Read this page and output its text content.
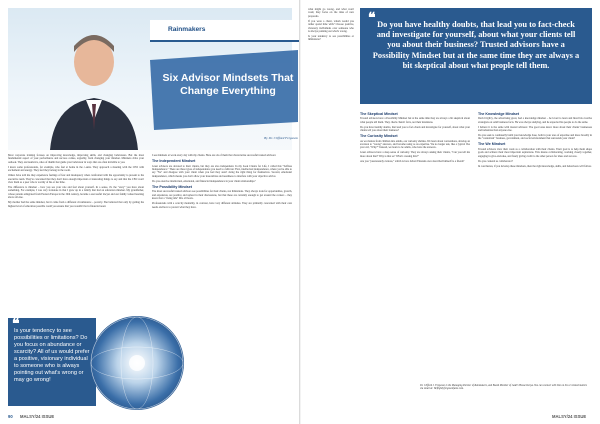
Rainmakers
Six Advisor Mindsets That Change Everything
By Dr. Clifford Ferguson

Most corporate training focuses on improving knowledge, improving skills, and changing behaviours. But the most fundamental aspect of your performance and success comes, arguably, from changing your mindset. Mindsets drive your outlook. They are heuristics, rules of thumb that guide your behaviour in ways that are often invisible to you.

I know some professionals, for example, who feel at home in the c-suite. They approach a meeting with the CEO with excitement and energy. They feel they belong in the room.

Others have told me they experience feelings of fear and inadequacy when confronted with the opportunity to present to the executive team. They're concerned that they don't have enough important or interesting things to say and that the CEO won't view them as a peer who is worthy of his or her time.

The difference is mindset – how you see your role and feel about yourself. In a sense, it's the "story" you have about something. For example, I was very fortunate in that I grew up in a family that had an education mindset. My grandfather, whose parents emigrated from Eastern Europe in the 19th century, became a successful lawyer and our family valued learning above all else.

My mother had the same mindset, but it came from a different circumstance – poverty. She believed that only by getting the highest level of education possible could you ensure that you wouldn't be in financial need.

I see mindsets at work every day with my clients. Here are six of them that characterize successful trusted advisors:

The Independent Mindset

Great advisors are devoted to their clients, but they are also independent. In my book Clients for Life, I called this "Selfless Independence." There are three types of independence you need to cultivate: First, intellectual independence, where you're able to say "No" and disagree with your client when you feel they aren't doing the right thing for themselves. Second, emotional independence, which means you don't allow your insecurities and neediness to interfere with your objective advice.

Do you exercise intellectual, emotional, and financial independence in your client relationships?

The Possibility Mindset

The most successful trusted advisors see possibilities for their clients, not limitations. They always look for opportunities, growth, and expansion, are positive and upbeat in their discussions, but that these are certainly enough to get around the corners – they know that a "rising tide" lifts all boats.

Professionals with a scarcity mentality, in contrast, have very different attitudes. They are primarily concerned with their own needs and how to protect what they have.

❝
Is your tendency to see possibilities or limitations? Do you focus on abundance or scarcity? All of us would prefer a positive, visionary individual to someone who is always pointing out what's wrong or may go wrong!
90 MALSY/24 ISSUE

what might go wrong, and what won't work; they focus on the risks of new proposals.

If you were a client, whom would you rather spend time with? Choose positive, visionary individuals over someone who is always pointing out what's wrong.

Is your tendency to see possibilities or limitations?

The Skeptical Mindset

Trusted advisors have a Possibility Mindset but at the same time they are always a bit skeptical about what people tell them. They check clients' facts, not their intentions.

Do you have healthy doubts, that lead you to fact-check and investigate for yourself, about what your clients tell you about their business?

The Curiosity Mindset

As we mature from children into adults, our curiosity shrinks. We learn about conventions, develop an aversion to "wrong" answers, and become using as an expertise. We no longer ask, like a typical five year old, "Why?" Instead, we learn to be adults, who have the answers.

Great advisors have a deep sense of curiosity. They are always asking their clients, "Can you tell me more about that? Why is that so? What's causing this?"

Are you "passionately curious," which is how Albert Einstein once described himself to a friend?

❝ Do you have healthy doubts, that lead you to fact-check and investigate for yourself, about what your clients tell you about their business? Trusted advisors have a Possibility Mindset but at the same time they are always a bit skeptical about what people tell them.
The Knowledge Mindset

David Ogilvy, the advertising great, had a knowledge mindset – he loved to learn and hired his creative strategists on solid business facts. He was always studying, and he expected his people to do the same.

I believe it is the same with trusted advisors: The good ones know more about their clients' businesses and industries than anyone else.

Do you seek to continually build your knowledge base, both in your area of expertise and more broadly in the "contextual" business, government, and social environment that surrounds your client?

The We Mindset

Trusted advisors view their work as a collaboration with their clients. Their goal is to help them shape goals and achieve their most important aspirations. This means collaborating, working closely together, engaging in give-and-take, and freely giving credit to the other person for ideas and success.

Do you contend as collaborator?

In conclusion, if you develop these mindsets, then the right knowledge, skills, and behaviours will follow.

Dr. Clifford J. Ferguson is the Managing Partner of Rainmakers, and Board Member of Gadi's House Kenya. You can connect with him on his or related matters via email at: Weflightlyfergusonfame.com.
MALSY/24 ISSUE
